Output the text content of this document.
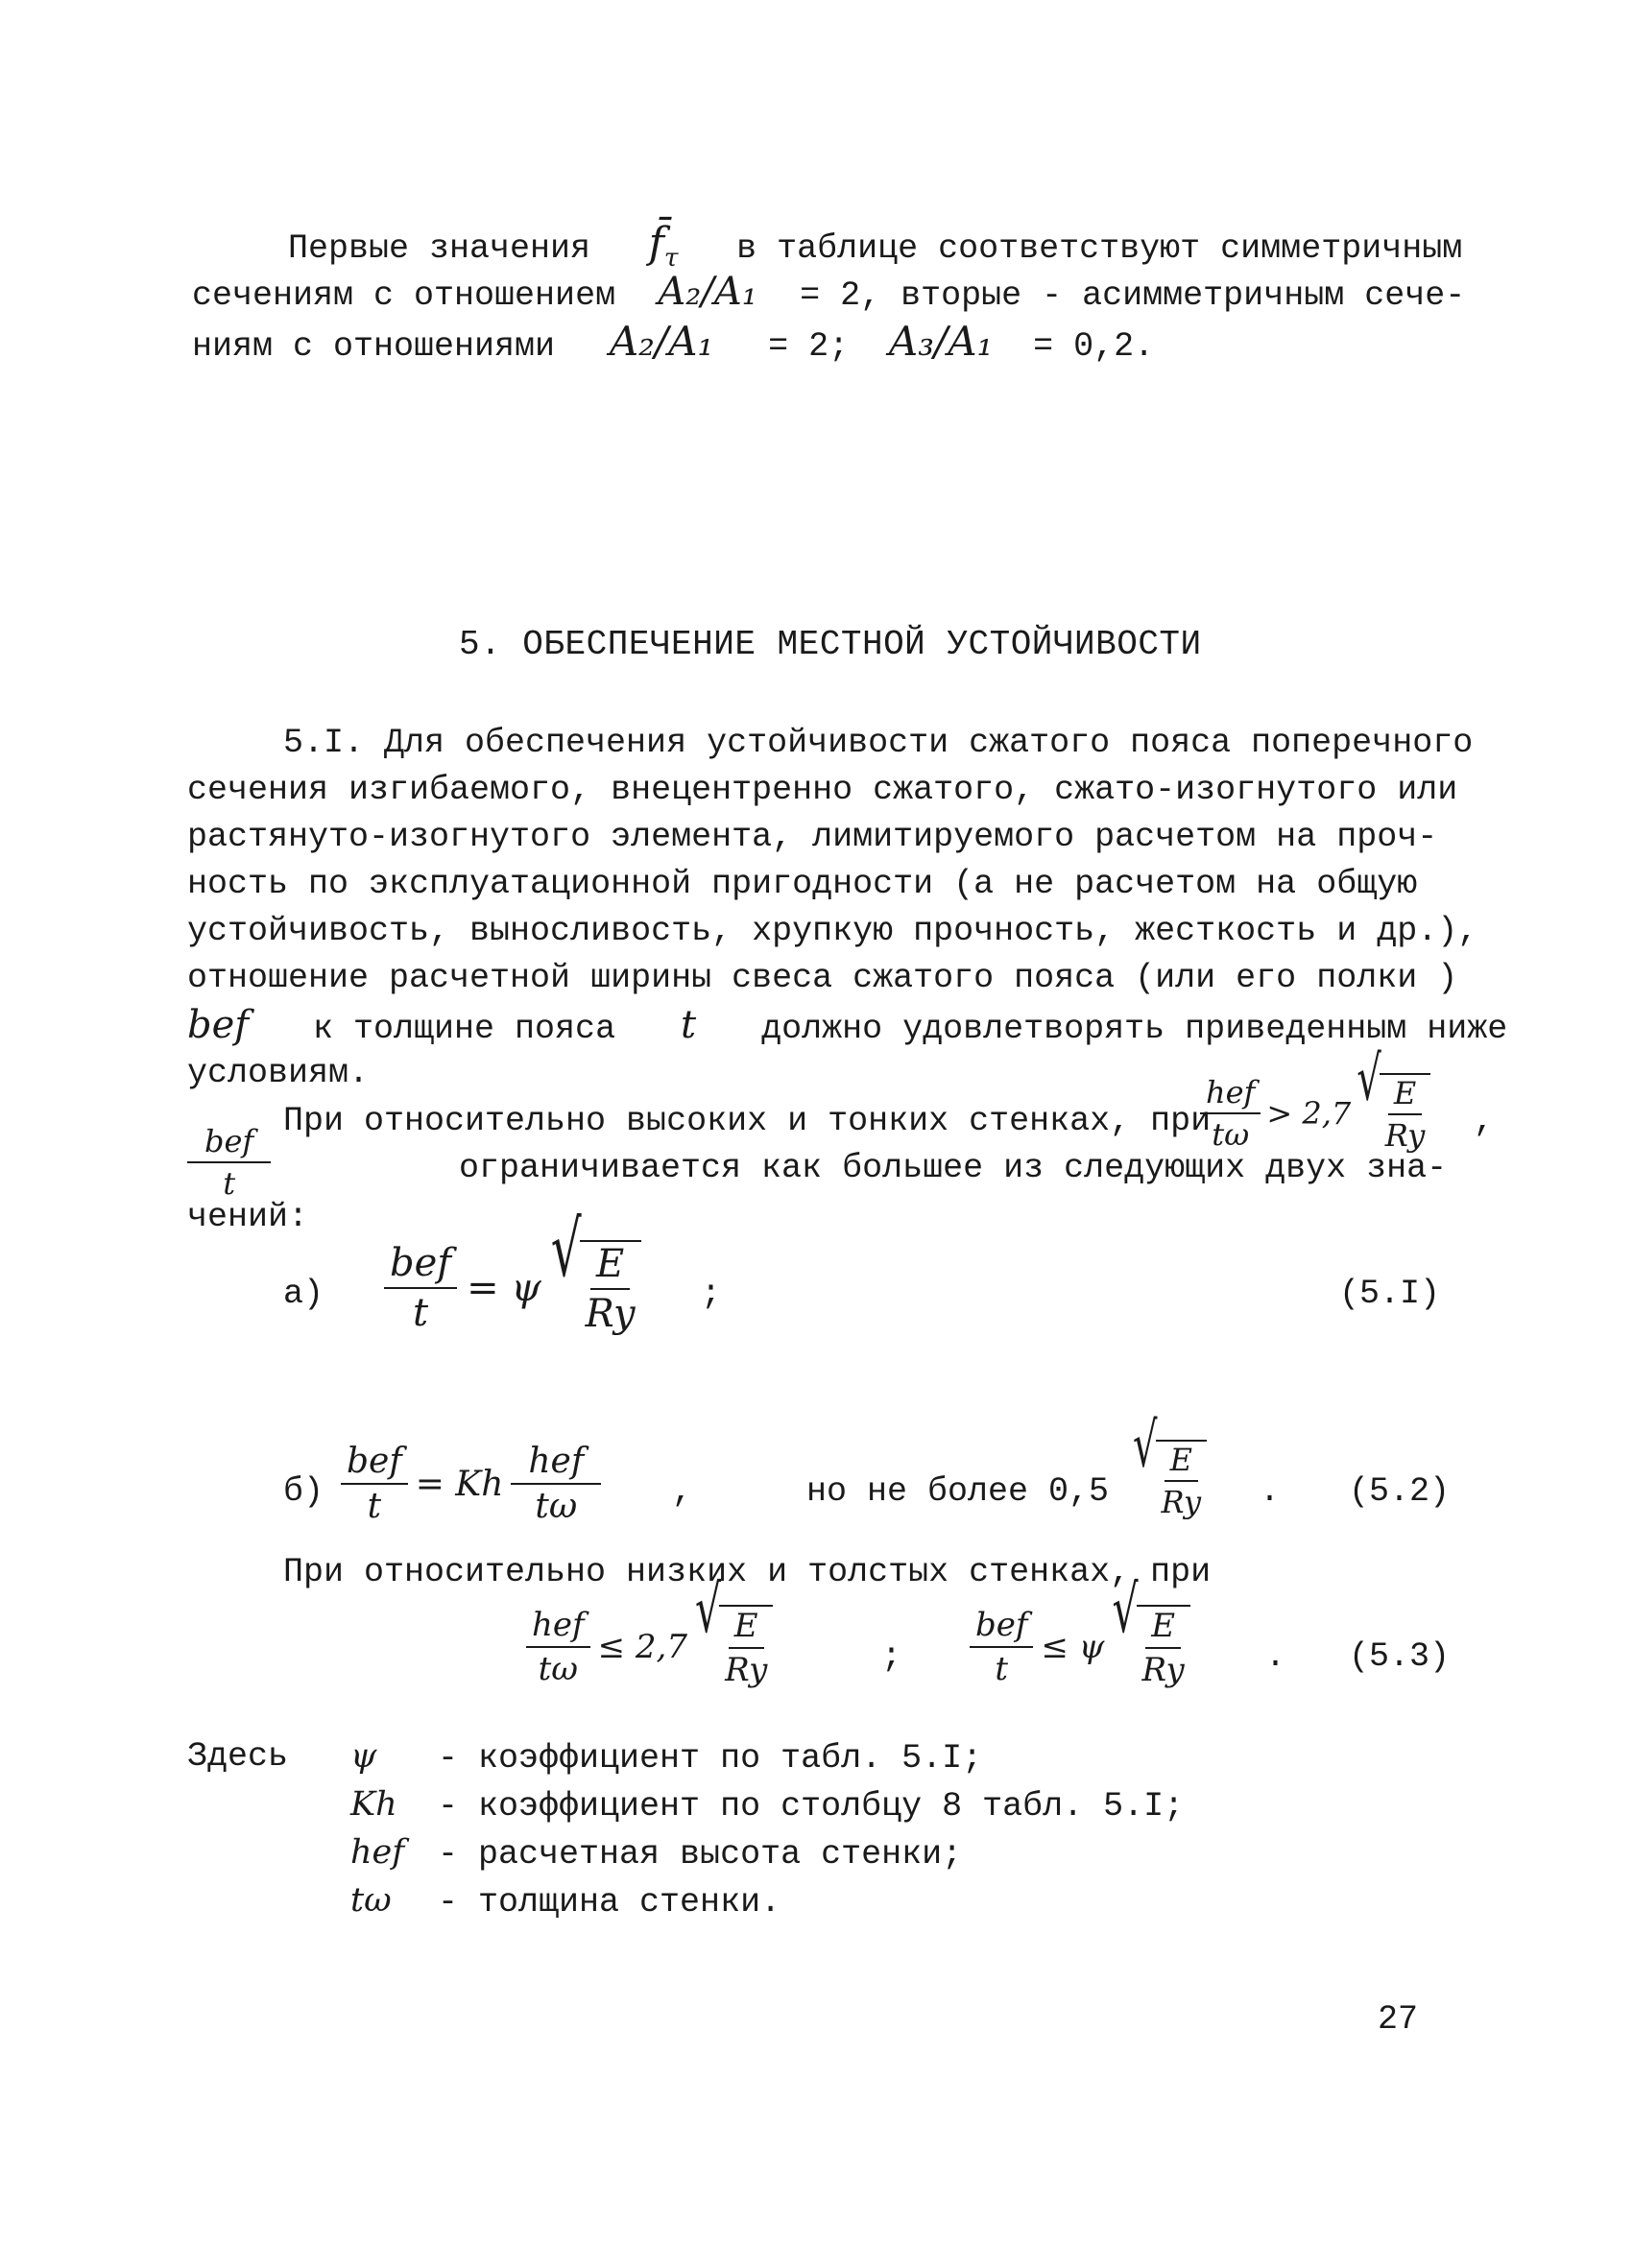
Первые значения $f̄_\tau$ в таблице соответствуют симметричным
сечениям с отношением A₂/A₁ = 2, вторые - асимметричным сече-
ниям с отношениями A₂/A₁ = 2; A₃/A₁ = 0,2.
5. ОБЕСПЕЧЕНИЕ МЕСТНОЙ УСТОЙЧИВОСТИ
5.I. Для обеспечения устойчивости сжатого пояса поперечного
сечения изгибаемого, внецентренно сжатого, сжато-изогнутого или
растянуто-изогнутого элемента, лимитируемого расчетом на проч-
ность по эксплуатационной пригодности (а не расчетом на общую
устойчивость, выносливость, хрупкую прочность, жесткость и др.),
отношение расчетной ширины свеса сжатого пояса (или его полки )
bef к толщине пояса t должно удовлетворять приведенным ниже
условиям.
При относительно высоких и тонких стенках, при
$\frac{\text{hef}}{t\omega} > 2,7$ √ $\frac{E}{Ry}$ ,
$\frac{\text{bef}}{t}$	ограничивается как большее из следующих двух зна-
чений:
$а) \frac{\text{bef}}{t} = \psi$ √ $\frac{E}{Ry}$ ;	(5.I)
$б) \frac{\text{bef}}{t} = Kh \frac{\text{hef}}{t\omega}$ ,	но не более 0,5
√ $\frac{E}{Ry}$ . (5.2)
При относительно низких и толстых стенках, при
$\frac{\text{hef}}{t\omega} \le 2,7$ √ $\frac{E}{Ry}$	; $\frac{\text{bef}}{t} \le \psi$ √ $\frac{E}{Ry}$ . (5.3)
Здесь ψ - коэффициент по табл. 5.I;
Kh - коэффициент по столбцу 8 табл. 5.I;
hef - расчетная высота стенки;
tω - толщина стенки.
27
